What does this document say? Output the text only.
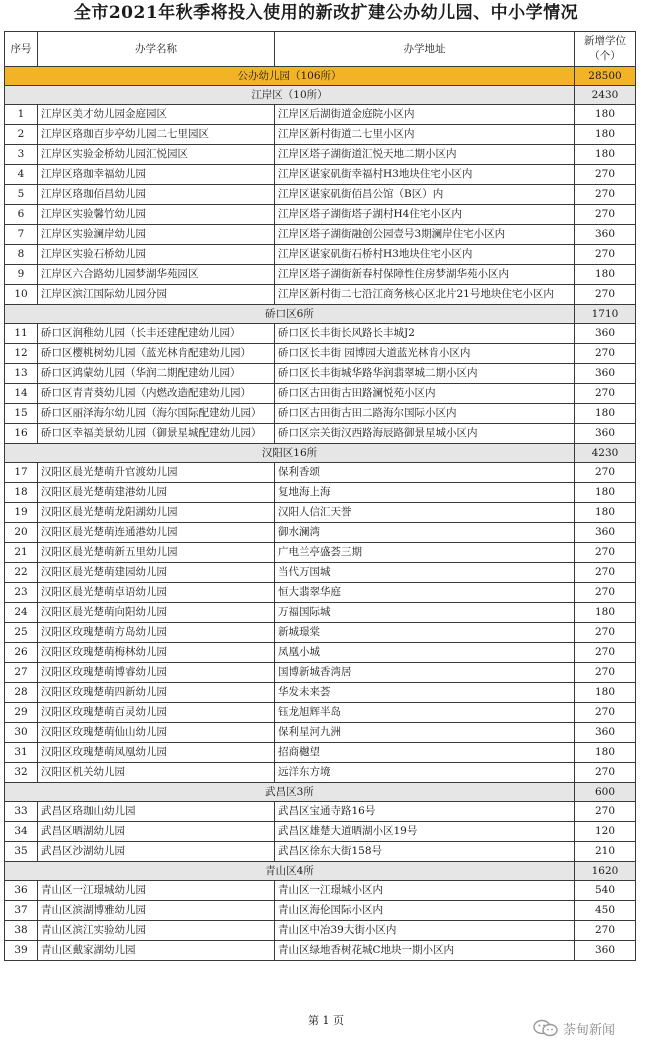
全市2021年秋季将投入使用的新改扩建公办幼儿园、中小学情况
序号	办学名称	办学地址	新增学位
（个）
公办幼儿园（106所）			28500
江岸区（10所）			2430
1	江岸区美才幼儿园金庭园区	江岸区后湖街道金庭院小区内	180
2	江岸区珞珈百步亭幼儿园二七里园区	江岸区新村街道二七里小区内	180
3	江岸区实验金桥幼儿园汇悦园区	江岸区塔子湖街道汇悦天地二期小区内	180
4	江岸区珞珈幸福幼儿园	江岸区谌家矶街幸福村H3地块住宅小区内	270
5	江岸区珞珈佰昌幼儿园	江岸区谌家矶街佰昌公馆（B区）内	270
6	江岸区实验馨竹幼儿园	江岸区塔子湖街塔子湖村H4住宅小区内	270
7	江岸区实验澜岸幼儿园	江岸区塔子湖街融创公园壹号3期澜岸住宅小区内	360
8	江岸区实验石桥幼儿园	江岸区谌家矶街石桥村H3地块住宅小区内	270
9	江岸区六合路幼儿园梦湖华苑园区	江岸区塔子湖街新春村保障性住房梦湖华苑小区内	180
10	江岸区滨江国际幼儿园分园	江岸区新村街二七沿江商务核心区北片21号地块住宅小区内	270
硚口区6所			1710
11	硚口区润稚幼儿园（长丰还建配建幼儿园）	硚口区长丰街长风路长丰城J2	360
12	硚口区樱桃树幼儿园（蓝光林肯配建幼儿园）	硚口区长丰街 园博园大道蓝光林肯小区内	270
13	硚口区鸿蒙幼儿园（华润二期配建幼儿园）	硚口区长丰街城华路华润翡翠城二期小区内	360
14	硚口区青青葵幼儿园（内燃改造配建幼儿园）	硚口区古田街古田路澜悦苑小区内	270
15	硚口区丽泽海尔幼儿园（海尔国际配建幼儿园）	硚口区古田街古田二路海尔国际小区内	180
16	硚口区幸福美景幼儿园（御景星城配建幼儿园）	硚口区宗关街汉西路海辰路御景星城小区内	360
汉阳区16所			4230
17	汉阳区晨光楚萌升官渡幼儿园	保利香颂	270
18	汉阳区晨光楚萌建港幼儿园	复地海上海	180
19	汉阳区晨光楚萌龙阳湖幼儿园	汉阳人信汇天誉	180
20	汉阳区晨光楚萌连通港幼儿园	御水澜湾	360
21	汉阳区晨光楚萌新五里幼儿园	广电兰亭盛荟三期	270
22	汉阳区晨光楚萌建园幼儿园	当代万国城	270
23	汉阳区晨光楚萌卓语幼儿园	恒大翡翠华庭	270
24	汉阳区晨光楚萌向阳幼儿园	万福国际城	180
25	汉阳区玫瑰楚萌方岛幼儿园	新城璟棠	270
26	汉阳区玫瑰楚萌梅林幼儿园	凤凰小城	270
27	汉阳区玫瑰楚萌博睿幼儿园	国博新城香湾居	270
28	汉阳区玫瑰楚萌四新幼儿园	华发未来荟	180
29	汉阳区玫瑰楚萌百灵幼儿园	钰龙旭辉半岛	270
30	汉阳区玫瑰楚萌仙山幼儿园	保利星河九洲	360
31	汉阳区玫瑰楚萌凤凰幼儿园	招商樾望	180
32	汉阳区机关幼儿园	远洋东方境	270
武昌区3所			600
33	武昌区珞珈山幼儿园	武昌区宝通寺路16号	270
34	武昌区晒湖幼儿园	武昌区雄楚大道晒湖小区19号	120
35	武昌区沙湖幼儿园	武昌区徐东大街158号	210
青山区4所			1620
36	青山区一江璟城幼儿园	青山区一江璟城小区内	540
37	青山区滨湖博雅幼儿园	青山区海伦国际小区内	450
38	青山区滨江实验幼儿园	青山区中冶39大街小区内	270
39	青山区戴家湖幼儿园	青山区绿地香树花城C地块一期小区内	360
第 1 页
荼甸新闻
